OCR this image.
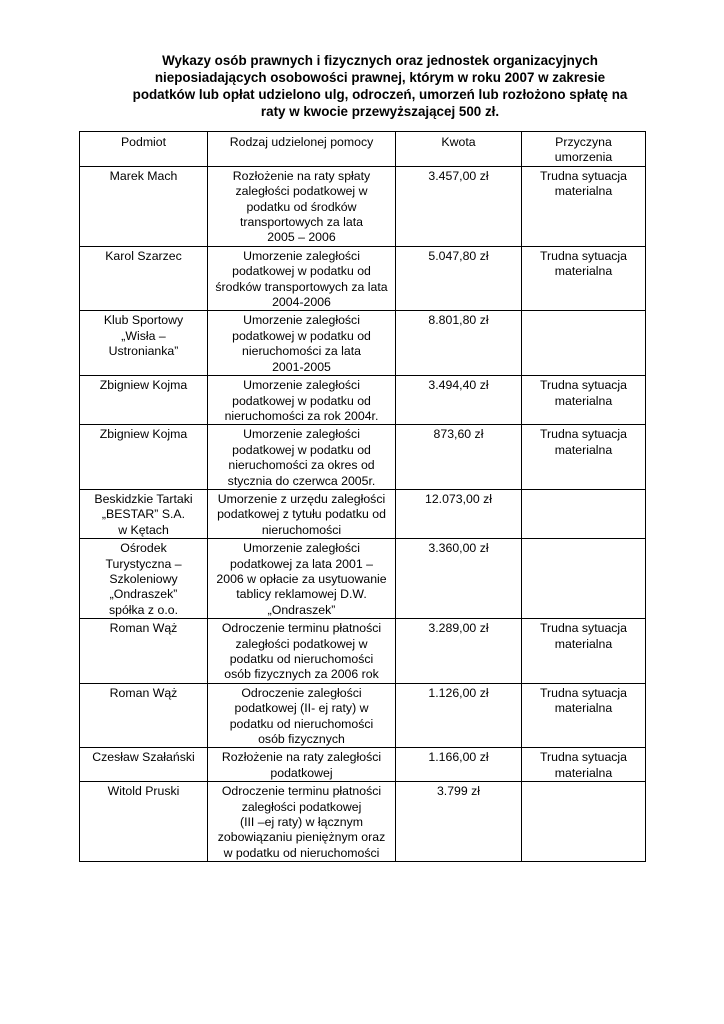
Wykazy osób prawnych i fizycznych oraz jednostek organizacyjnych
nieposiadających osobowości prawnej, którym w roku 2007 w zakresie
podatków lub opłat udzielono ulg, odroczeń, umorzeń lub rozłożono spłatę na
raty w kwocie przewyższającej 500 zł.
Podmiot	Rodzaj udzielonej pomocy	Kwota	Przyczyna
umorzenia

Marek Mach	Rozłożenie na raty spłaty
zaległości podatkowej w
podatku od środków
transportowych za lata
2005 – 2006	3.457,00 zł	Trudna sytuacja
materialna

Karol Szarzec	Umorzenie zaległości
podatkowej w podatku od
środków transportowych za lata
2004-2006	5.047,80 zł	Trudna sytuacja
materialna

Klub Sportowy
„Wisła –
Ustronianka”	Umorzenie zaległości
podatkowej w podatku od
nieruchomości za lata
2001-2005	8.801,80 zł	

Zbigniew Kojma	Umorzenie zaległości
podatkowej w podatku od
nieruchomości za rok 2004r.	3.494,40 zł	Trudna sytuacja
materialna

Zbigniew Kojma	Umorzenie zaległości
podatkowej w podatku od
nieruchomości za okres od
stycznia do czerwca 2005r.	873,60 zł	Trudna sytuacja
materialna

Beskidzkie Tartaki
„BESTAR” S.A.
w Kętach	Umorzenie z urzędu zaległości
podatkowej z tytułu podatku od
nieruchomości	12.073,00 zł	

Ośrodek
Turystyczna –
Szkoleniowy
„Ondraszek”
spółka z o.o.	Umorzenie zaległości
podatkowej za lata 2001 –
2006 w opłacie za usytuowanie
tablicy reklamowej D.W.
„Ondraszek”	3.360,00 zł	

Roman Wąż	Odroczenie terminu płatności
zaległości podatkowej w
podatku od nieruchomości
osób fizycznych za 2006 rok	3.289,00 zł	Trudna sytuacja
materialna

Roman Wąż	Odroczenie zaległości
podatkowej (II- ej raty) w
podatku od nieruchomości
osób fizycznych	1.126,00 zł	Trudna sytuacja
materialna

Czesław Szałański	Rozłożenie na raty zaległości
podatkowej	1.166,00 zł	Trudna sytuacja
materialna

Witold Pruski	Odroczenie terminu płatności
zaległości podatkowej
(III –ej raty) w łącznym
zobowiązaniu pieniężnym oraz
w podatku od nieruchomości	3.799 zł	
